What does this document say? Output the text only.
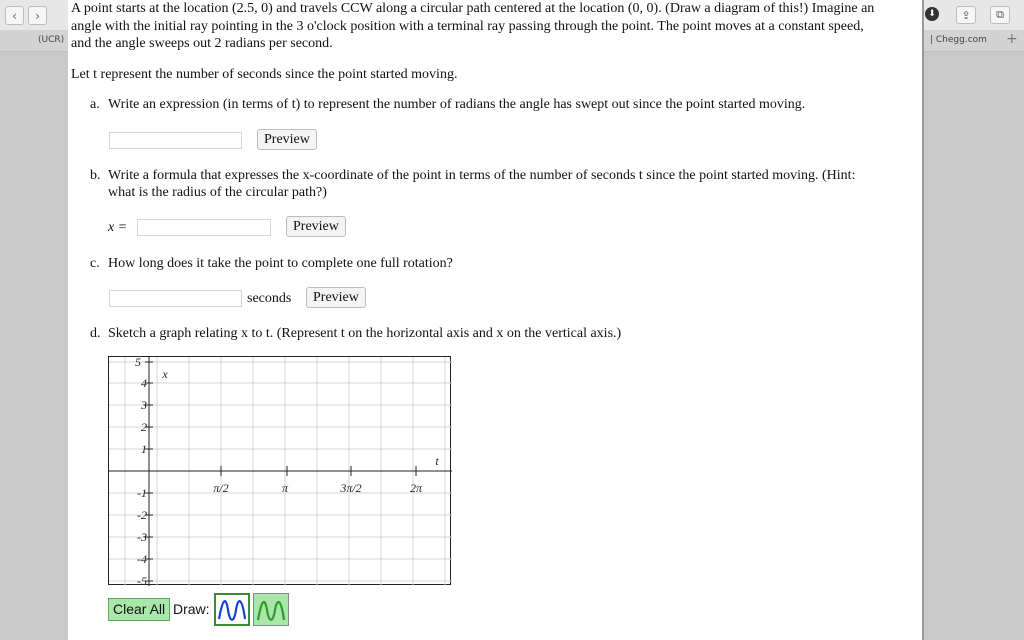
‹ ›
(UCR)	| Chegg.com +
⬇ ⇪ ⧉
A point starts at the location (2.5, 0) and travels CCW along a circular path centered at the location (0, 0). (Draw a diagram of this!) Imagine an
angle with the initial ray pointing in the 3 o'clock position with a terminal ray passing through the point. The point moves at a constant speed,
and the angle sweeps out 2 radians per second.
Let t represent the number of seconds since the point started moving.
a. Write an expression (in terms of t) to represent the number of radians the angle has swept out since the point started moving.
Preview
b. Write a formula that expresses the x-coordinate of the point in terms of the number of seconds t since the point started moving. (Hint:
what is the radius of the circular path?)
x =	Preview
c. How long does it take the point to complete one full rotation?
seconds	Preview
d. Sketch a graph relating x to t. (Represent t on the horizontal axis and x on the vertical axis.)
5
4
3
2
1
-1
-2
-3
-4
-5
π/2	π	3π/2	2π
x
t
Clear All Draw:
